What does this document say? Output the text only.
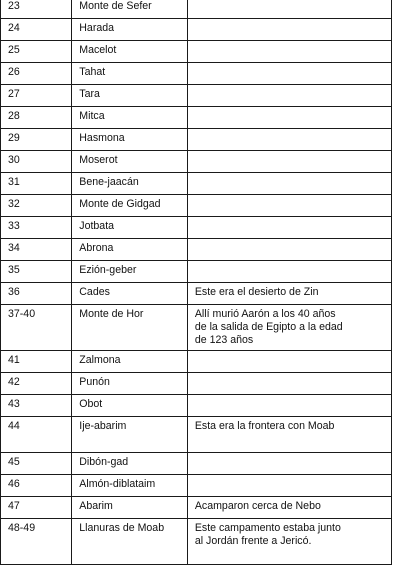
23	Monte de Sefer	
24	Harada	
25	Macelot	
26	Tahat	
27	Tara	
28	Mitca	
29	Hasmona	
30	Moserot	
31	Bene-jaacán	
32	Monte de Gidgad	
33	Jotbata	
34	Abrona	
35	Ezión-geber	
36	Cades	Este era el desierto de Zin
37-40	Monte de Hor	Allí murió Aarón a los 40 años
de la salida de Egipto a la edad
de 123 años
41	Zalmona	
42	Punón	
43	Obot	
44	Ije-abarim	Esta era la frontera con Moab
45	Dibón-gad	
46	Almón-diblataim	
47	Abarim	Acamparon cerca de Nebo
48-49	Llanuras de Moab	Este campamento estaba junto
al Jordán frente a Jericó.
